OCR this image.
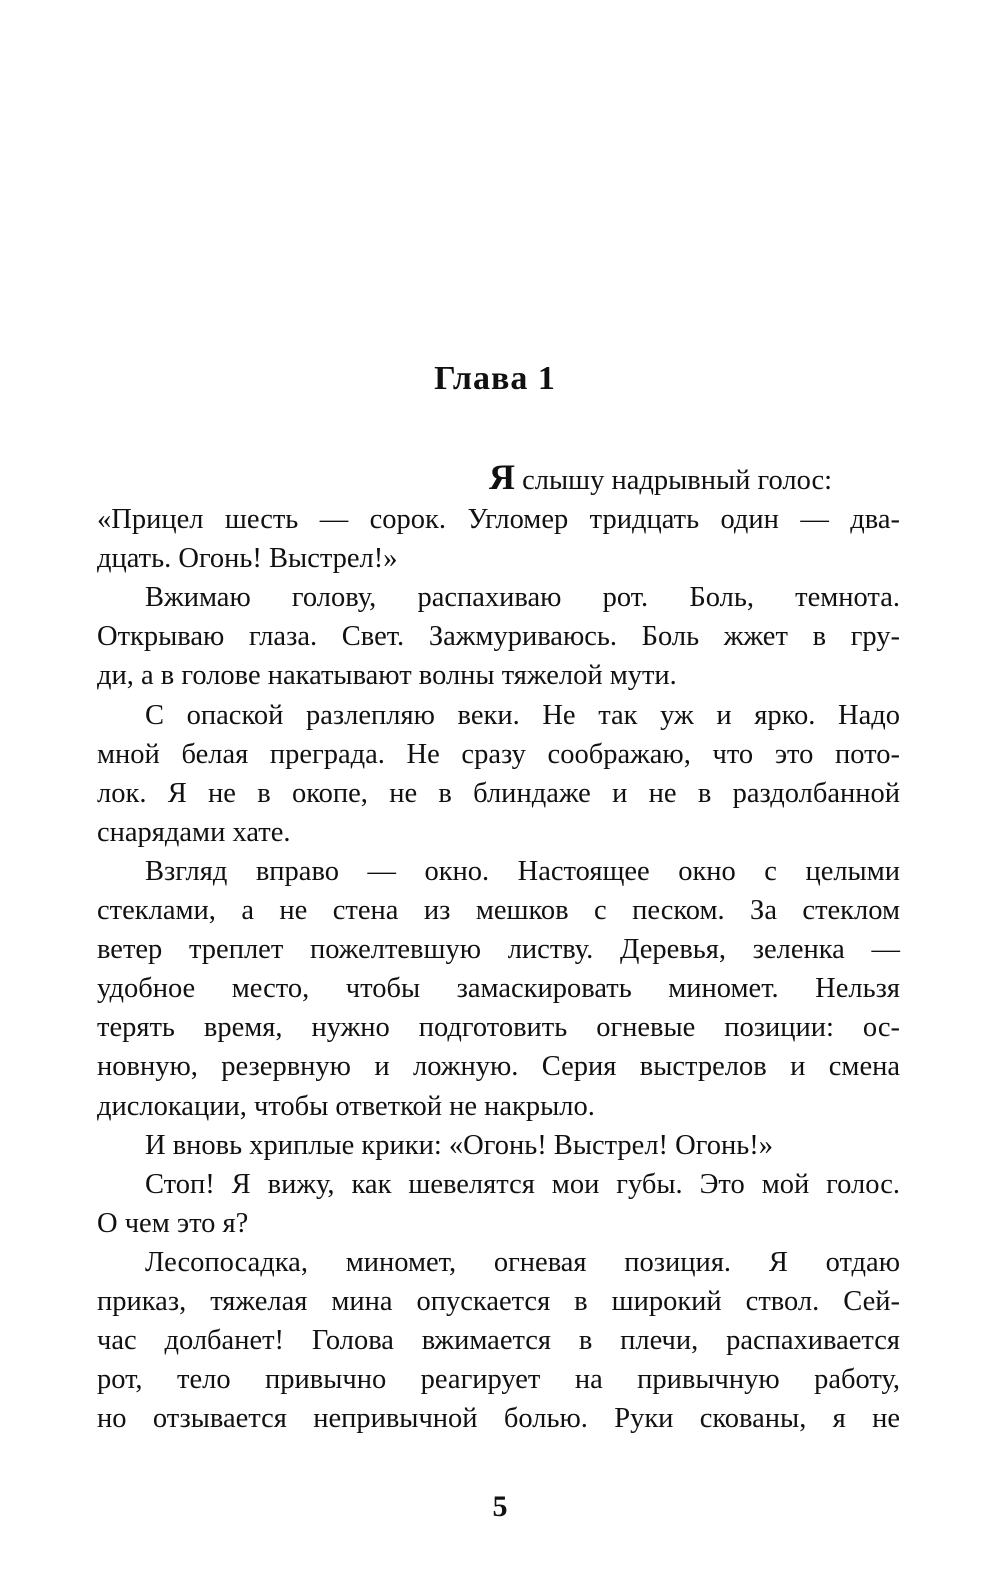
Глава 1
Я слышу надрывный голос:
«Прицел шесть — сорок. Угломер тридцать один — два-
дцать. Огонь! Выстрел!»
Вжимаю голову, распахиваю рот. Боль, темнота.
Открываю глаза. Свет. Зажмуриваюсь. Боль жжет в гру-
ди, а в голове накатывают волны тяжелой мути.
С опаской разлепляю веки. Не так уж и ярко. Надо
мной белая преграда. Не сразу соображаю, что это пото-
лок. Я не в окопе, не в блиндаже и не в раздолбанной
снарядами хате.
Взгляд вправо — окно. Настоящее окно с целыми
стеклами, а не стена из мешков с песком. За стеклом
ветер треплет пожелтевшую листву. Деревья, зеленка —
удобное место, чтобы замаскировать миномет. Нельзя
терять время, нужно подготовить огневые позиции: ос-
новную, резервную и ложную. Серия выстрелов и смена
дислокации, чтобы ответкой не накрыло.
И вновь хриплые крики: «Огонь! Выстрел! Огонь!»
Стоп! Я вижу, как шевелятся мои губы. Это мой голос.
О чем это я?
Лесопосадка, миномет, огневая позиция. Я отдаю
приказ, тяжелая мина опускается в широкий ствол. Сей-
час долбанет! Голова вжимается в плечи, распахивается
рот, тело привычно реагирует на привычную работу,
но отзывается непривычной болью. Руки скованы, я не
5
